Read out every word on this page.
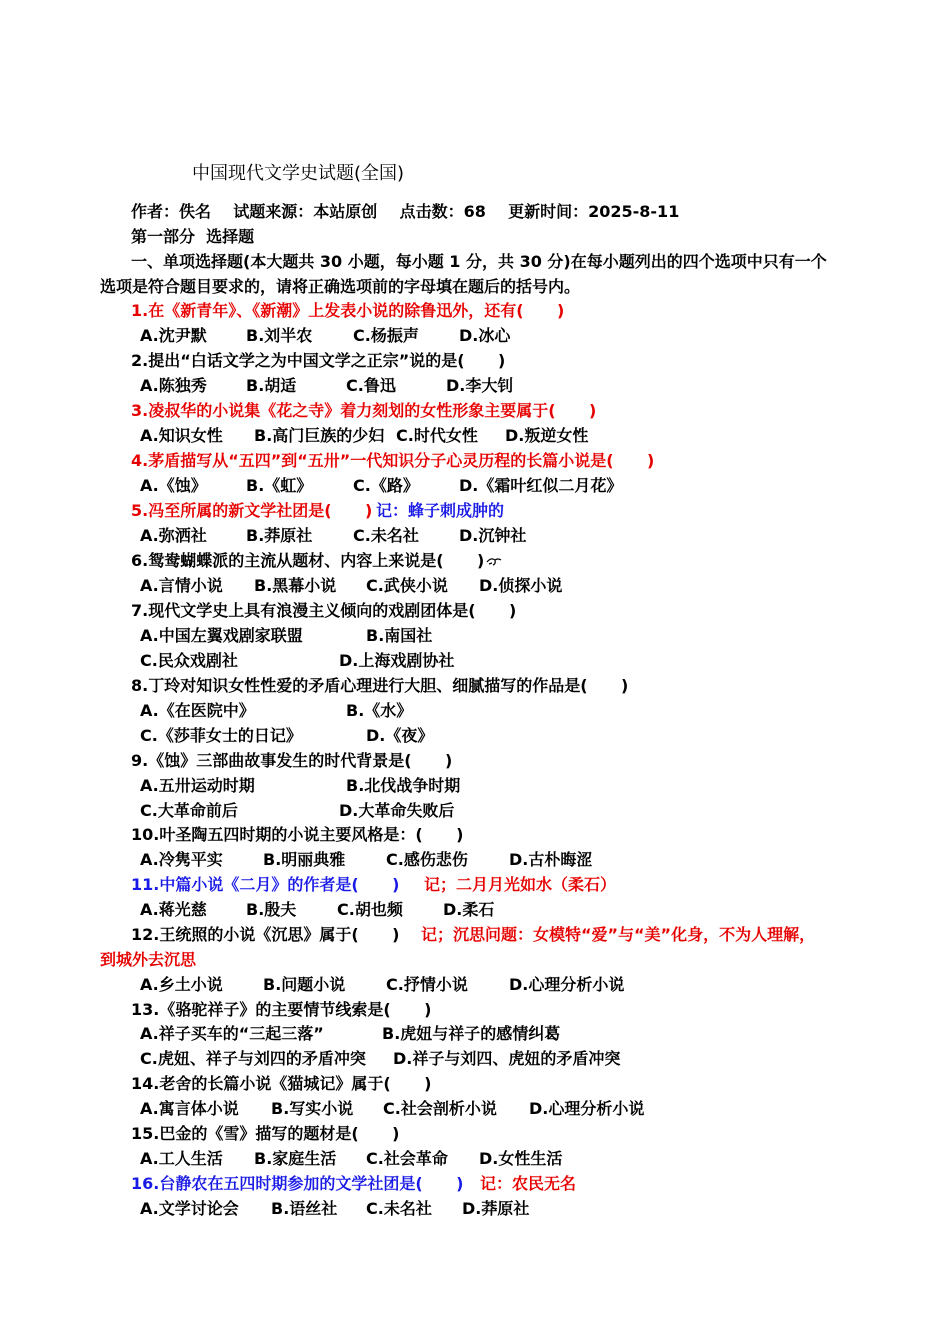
中国现代文学史试题(全国)
作者：佚名    试题来源：本站原创    点击数：68    更新时间：2025-8-11
第一部分  选择题
一、单项选择题(本大题共 30 小题，每小题 1 分，共 30 分)在每小题列出的四个选项中只有一个
选项是符合题目要求的，请将正确选项前的字母填在题后的括号内。
1.在《新青年》、《新潮》上发表小说的除鲁迅外，还有(      )
A.沈尹默 B.刘半农	C.杨振声	D.冰心
2.提出“白话文学之为中国文学之正宗”说的是(      )
A.陈独秀 B.胡适	C.鲁迅	D.李大钊
3.凌叔华的小说集《花之寺》着力刻划的女性形象主要属于(      )
A.知识女性 B.高门巨族的少妇 C.时代女性 D.叛逆女性
4.茅盾描写从“五四”到“五卅”一代知识分子心灵历程的长篇小说是(      )
A.《蚀》 B.《虹》	C.《路》	D.《霜叶红似二月花》
5.冯至所属的新文学社团是(      ) 记：蜂子刺成肿的
A.弥洒社 B.莽原社	C.未名社	D.沉钟社
6.鸳鸯蝴蝶派的主流从题材、内容上来说是(      )
A.言情小说 B.黑幕小说 C.武侠小说 D.侦探小说
7.现代文学史上具有浪漫主义倾向的戏剧团体是(      )
A.中国左翼戏剧家联盟	B.南国社
C.民众戏剧社	D.上海戏剧协社
8.丁玲对知识女性性爱的矛盾心理进行大胆、细腻描写的作品是(      )
A.《在医院中》	B.《水》
C.《莎菲女士的日记》	D.《夜》
9.《蚀》三部曲故事发生的时代背景是(      )
A.五卅运动时期	B.北伐战争时期
C.大革命前后	D.大革命失败后
10.叶圣陶五四时期的小说主要风格是：(      )
A.冷隽平实	B.明丽典雅	C.感伤悲伤	D.古朴晦涩
11.中篇小说《二月》的作者是(      ) 记；二月月光如水（柔石）
A.蒋光慈 B.殷夫	C.胡也频	D.柔石
12.王统照的小说《沉思》属于(      ) 记；沉思问题：女模特“爱”与“美”化身，不为人理解，
到城外去沉思
A.乡土小说	B.问题小说	C.抒情小说	D.心理分析小说
13.《骆驼祥子》的主要情节线索是(      )
A.祥子买车的“三起三落”	B.虎妞与祥子的感情纠葛
C.虎妞、祥子与刘四的矛盾冲突 D.祥子与刘四、虎妞的矛盾冲突
14.老舍的长篇小说《猫城记》属于(      )
A.寓言体小说 B.写实小说 C.社会剖析小说 D.心理分析小说
15.巴金的《雪》描写的题材是(      )
A.工人生活 B.家庭生活 C.社会革命 D.女性生活
16.台静农在五四时期参加的文学社团是(      ) 记：农民无名
A.文学讨论会 B.语丝社 C.未名社 D.莽原社
